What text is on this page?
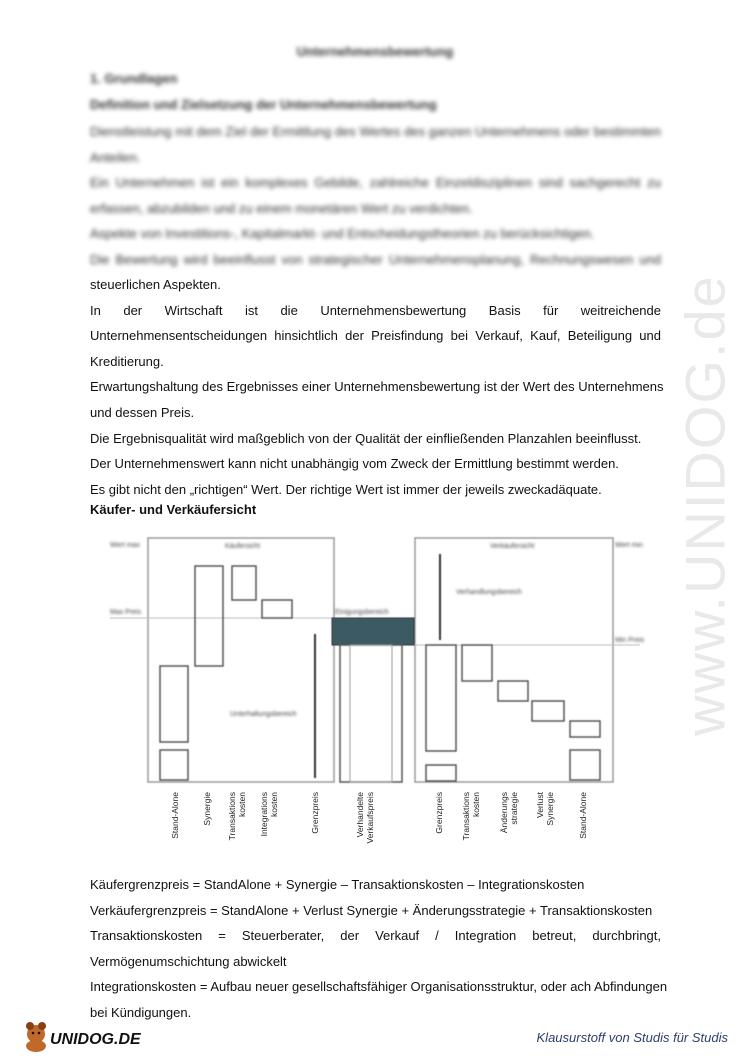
Unternehmensbewertung
1. Grundlagen
Definition und Zielsetzung der Unternehmensbewertung
Dienstleistung mit dem Ziel der Ermittlung des Wertes des ganzen Unternehmens oder bestimmten
Anteilen.
Ein Unternehmen ist ein komplexes Gebilde, zahlreiche Einzeldisziplinen sind sachgerecht zu
erfassen, abzubilden und zu einem monetären Wert zu verdichten.
Aspekte von Investitions-, Kapitalmarkt- und Entscheidungstheorien zu berücksichtigen.
Die Bewertung wird beeinflusst von strategischer Unternehmensplanung, Rechnungswesen und
steuerlichen Aspekten.
In der Wirtschaft ist die Unternehmensbewertung Basis für weitreichende
Unternehmensentscheidungen hinsichtlich der Preisfindung bei Verkauf, Kauf, Beteiligung und
Kreditierung.
Erwartungshaltung des Ergebnisses einer Unternehmensbewertung ist der Wert des Unternehmens
und dessen Preis.
Die Ergebnisqualität wird maßgeblich von der Qualität der einfließenden Planzahlen beeinflusst.
Der Unternehmenswert kann nicht unabhängig vom Zweck der Ermittlung bestimmt werden.
Es gibt nicht den „richtigen“ Wert. Der richtige Wert ist immer der jeweils zweckadäquate.
Käufer- und Verkäufersicht
Wert max
Max Preis
Käufersicht	Verkäufersicht	Wert min
Min Preis
Einigungsbereich
Unterhaltungsbereich
Verhandlungsbereich
Stand-Alone	Synergie Transaktions kosten Integrations kosten	Grenzpreis	Verhandelte Verkaufspreis	Grenzpreis Transaktions kosten Änderungs strategie Verlust Synergie	Stand-Alone
Käufergrenzpreis = StandAlone + Synergie – Transaktionskosten – Integrationskosten
Verkäufergrenzpreis = StandAlone + Verlust Synergie + Änderungsstrategie + Transaktionskosten
Transaktionskosten = Steuerberater, der Verkauf / Integration betreut, durchbringt,
Vermögenumschichtung abwickelt
Integrationskosten = Aufbau neuer gesellschaftsfähiger Organisationsstruktur, oder ach Abfindungen
bei Kündigungen.
www.UNIDOG.de
UNIDOG.DE	Klausurstoff von Studis für Studis
